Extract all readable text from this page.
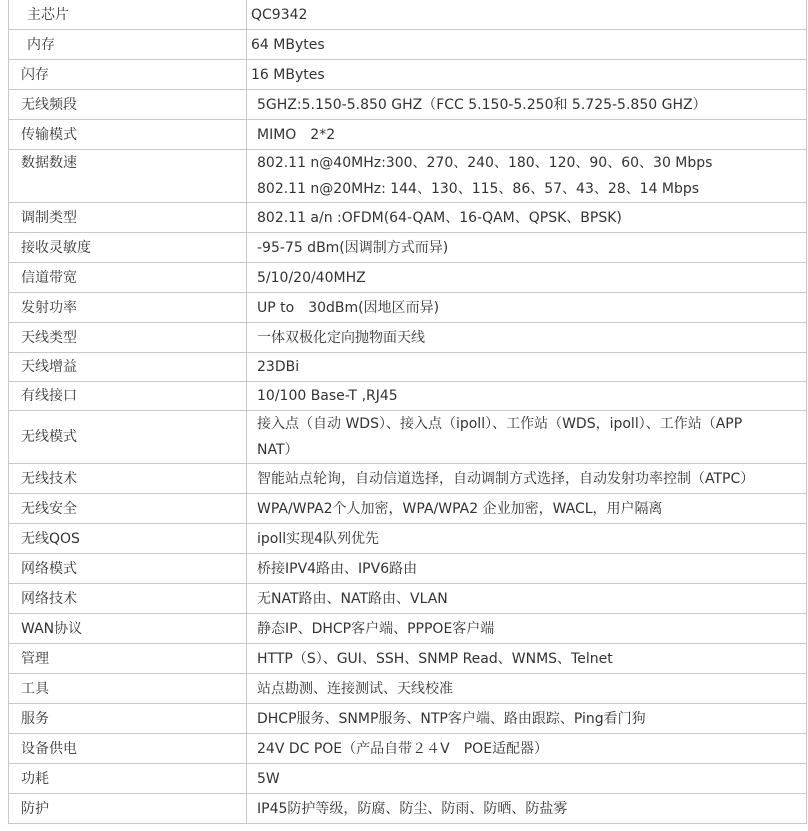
主芯片	QC9342
内存	64 MBytes
闪存	16 MBytes
无线频段	5GHZ:5.150-5.850 GHZ（FCC 5.150-5.250和 5.725-5.850 GHZ）
传输模式	MIMO　2*2
数据数速	802.11 n@40MHz:300、270、240、180、120、90、60、30 Mbps
802.11 n@20MHz: 144、130、115、86、57、43、28、14 Mbps

调制类型	802.11 a/n :OFDM(64-QAM、16-QAM、QPSK、BPSK)
接收灵敏度	-95-75 dBm(因调制方式而异)
信道带宽	5/10/20/40MHZ
发射功率	UP to　30dBm(因地区而异)
天线类型	一体双极化定向抛物面天线
天线增益	23DBi
有线接口	10/100 Base-T ,RJ45
无线模式	接入点（自动 WDS）、接入点（ipoll）、工作站（WDS，ipoll）、工作站（APP
NAT）

无线技术	智能站点轮询，自动信道选择，自动调制方式选择，自动发射功率控制（ATPC）
无线安全	WPA/WPA2个人加密，WPA/WPA2 企业加密，WACL，用户隔离
无线QOS	ipoll实现4队列优先
网络模式	桥接IPV4路由、IPV6路由
网络技术	无NAT路由、NAT路由、VLAN
WAN协议	静态IP、DHCP客户端、PPPOE客户端
管理	HTTP（S）、GUI、SSH、SNMP Read、WNMS、Telnet
工具	站点勘测、连接测试、天线校准
服务	DHCP服务、SNMP服务、NTP客户端、路由跟踪、Ping看门狗
设备供电	24V DC POE（产品自带２４V　POE适配器）
功耗	5W
防护	IP45防护等级，防腐、防尘、防雨、防晒、防盐雾
